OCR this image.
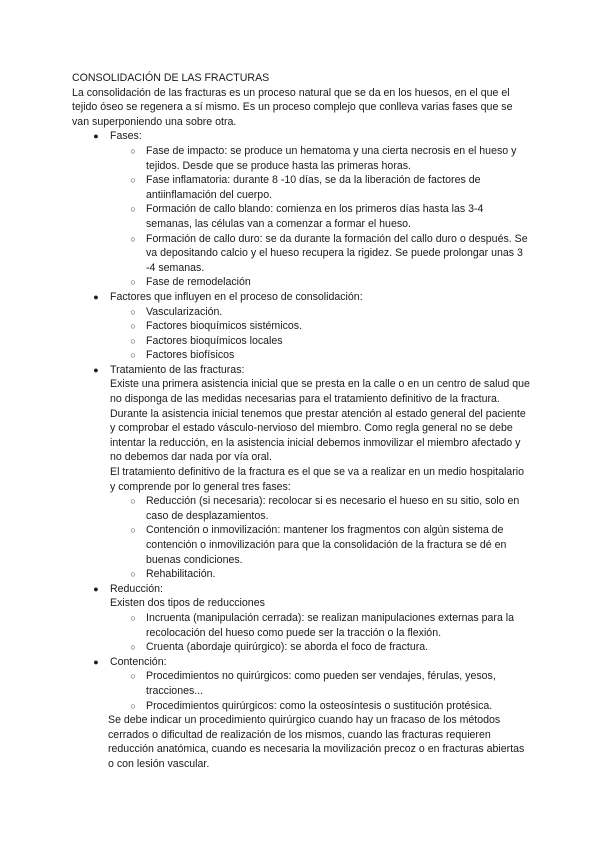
CONSOLIDACIÓN DE LAS FRACTURAS

La consolidación de las fracturas es un proceso natural que se da en los huesos, en el que el tejido óseo se regenera a sí mismo. Es un proceso complejo que conlleva varias fases que se van superponiendo una sobre otra.

● Fases:
○ Fase de impacto: se produce un hematoma y una cierta necrosis en el hueso y tejidos. Desde que se produce hasta las primeras horas.
○ Fase inflamatoria: durante 8 -10 días, se da la liberación de factores de antiinflamación del cuerpo.
○ Formación de callo blando: comienza en los primeros días hasta las 3-4 semanas, las células van a comenzar a formar el hueso.
○ Formación de callo duro: se da durante la formación del callo duro o después. Se va depositando calcio y el hueso recupera la rigidez. Se puede prolongar unas 3 -4 semanas.
○ Fase de remodelación
● Factores que influyen en el proceso de consolidación:
○ Vascularización.
○ Factores bioquímicos sistémicos.
○ Factores bioquímicos locales
○ Factores biofísicos
● Tratamiento de las fracturas:

Existe una primera asistencia inicial que se presta en la calle o en un centro de salud que no disponga de las medidas necesarias para el tratamiento definitivo de la fractura. Durante la asistencia inicial tenemos que prestar atención al estado general del paciente y comprobar el estado vásculo-nervioso del miembro. Como regla general no se debe intentar la reducción, en la asistencia inicial debemos inmovilizar el miembro afectado y no debemos dar nada por vía oral.

El tratamiento definitivo de la fractura es el que se va a realizar en un medio hospitalario y comprende por lo general tres fases:

○ Reducción (si necesaria): recolocar si es necesario el hueso en su sitio, solo en caso de desplazamientos.
○ Contención o inmovilización: mantener los fragmentos con algún sistema de contención o inmovilización para que la consolidación de la fractura se dé en buenas condiciones.
○ Rehabilitación.
● Reducción:

Existen dos tipos de reducciones

○ Incruenta (manipulación cerrada): se realizan manipulaciones externas para la recolocación del hueso como puede ser la tracción o la flexión.
○ Cruenta (abordaje quirúrgico): se aborda el foco de fractura.
● Contención:
○ Procedimientos no quirúrgicos: como pueden ser vendajes, férulas, yesos, tracciones...
○ Procedimientos quirúrgicos: como la osteosíntesis o sustitución protésica.

Se debe indicar un procedimiento quirúrgico cuando hay un fracaso de los métodos cerrados o dificultad de realización de los mismos, cuando las fracturas requieren reducción anatómica, cuando es necesaria la movilización precoz o en fracturas abiertas o con lesión vascular.
